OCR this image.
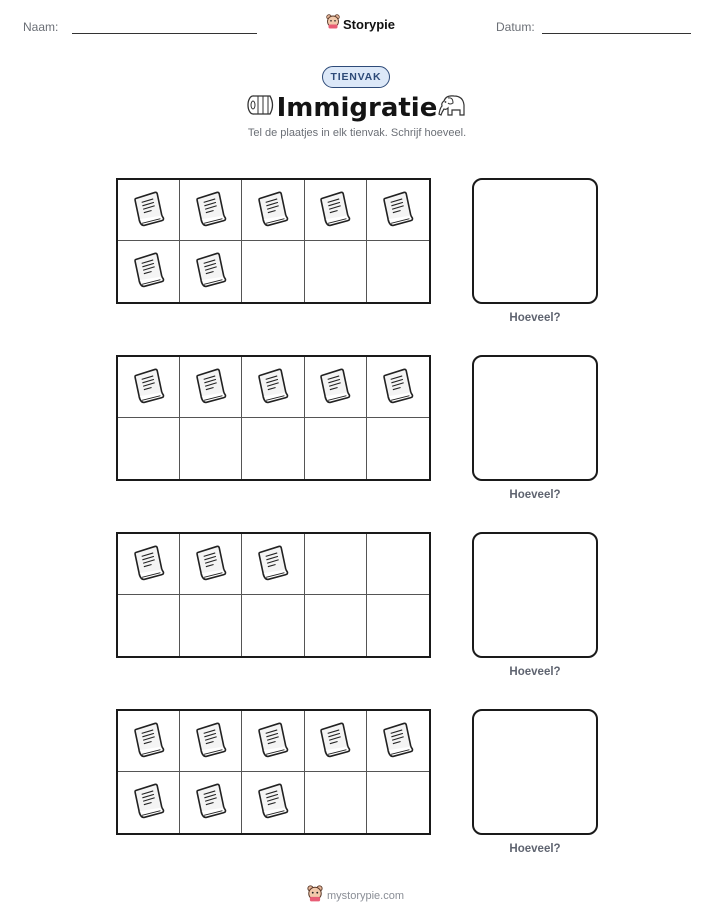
Naam:	Storypie	Datum:
TIENVAK
Immigratie
Tel de plaatjes in elk tienvak. Schrijf hoeveel.
Hoeveel?
Hoeveel?
Hoeveel?
Hoeveel?
mystorypie.com
